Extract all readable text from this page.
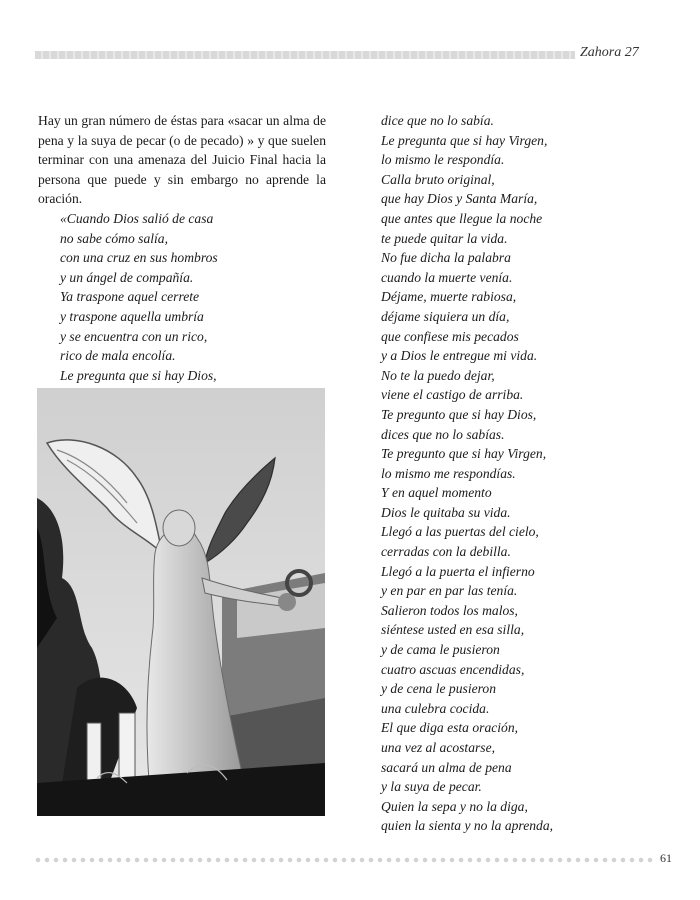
Zahora 27

Hay un gran número de éstas para «sacar un alma de pena y la suya de pecar (o de pecado) » y que suelen terminar con una amenaza del Juicio Final hacia la persona que puede y sin embargo no aprende la oración.

«Cuando Dios salió de casa

no sabe cómo salía,

con una cruz en sus hombros

y un ángel de compañía.

Ya traspone aquel cerrete

y traspone aquella umbría

y se encuentra con un rico,

rico de mala encolía.

Le pregunta que si hay Dios,

dice que no lo sabía.

Le pregunta que si hay Virgen,

lo mismo le respondía.

Calla bruto original,

que hay Dios y Santa María,

que antes que llegue la noche

te puede quitar la vida.

No fue dicha la palabra

cuando la muerte venía.

Déjame, muerte rabiosa,

déjame siquiera un día,

que confiese mis pecados

y a Dios le entregue mi vida.

No te la puedo dejar,

viene el castigo de arriba.

Te pregunto que si hay Dios,

dices que no lo sabías.

Te pregunto que si hay Virgen,

lo mismo me respondías.

Y en aquel momento

Dios le quitaba su vida.

Llegó a las puertas del cielo,

cerradas con la debilla.

Llegó a la puerta el infierno

y en par en par las tenía.

Salieron todos los malos,

siéntese usted en esa silla,

y de cama le pusieron

cuatro ascuas encendidas,

y de cena le pusieron

una culebra cocida.

El que diga esta oración,

una vez al acostarse,

sacará un alma de pena

y la suya de pecar.

Quien la sepa y no la diga,

quien la sienta y no la aprenda,

61
